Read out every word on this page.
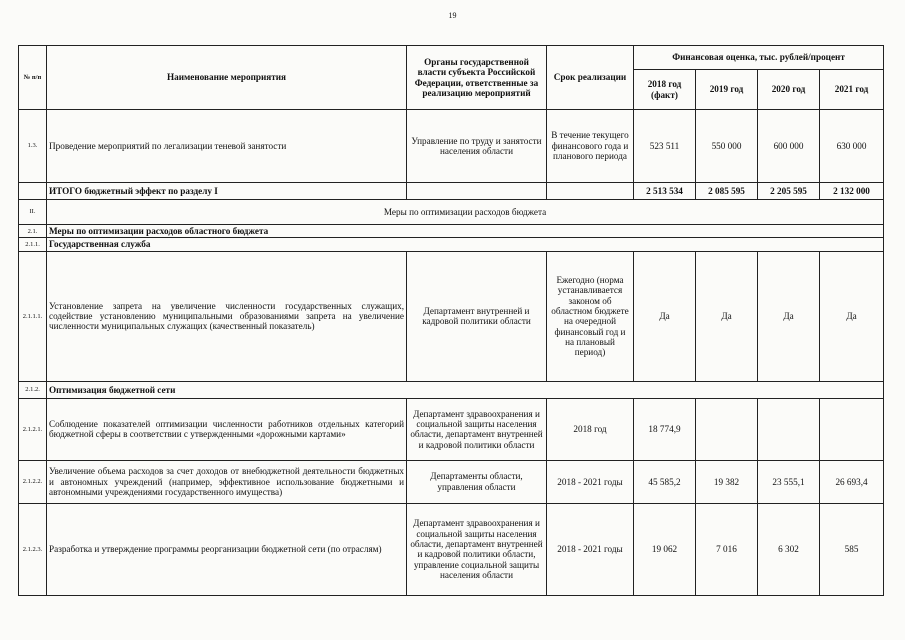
19
№ п/п	Наименование мероприятия	Органы государственной власти субъекта Российской Федерации, ответственные за реализацию мероприятий	Срок реализации	Финансовая оценка, тыс. рублей/процент			
				2018 год (факт)	2019 год	2020 год	2021 год
1.3.	Проведение мероприятий по легализации теневой занятости	Управление по труду и занятости населения области	В течение текущего финансового года и планового периода	523 511	550 000	600 000	630 000
	ИТОГО бюджетный эффект по разделу I			2 513 534	2 085 595	2 205 595	2 132 000
II.	Меры по оптимизации расходов бюджета						
2.1.	Меры по оптимизации расходов областного бюджета						
2.1.1.	Государственная служба						
2.1.1.1.	Установление запрета на увеличение численности государственных служащих, содействие установлению муниципальными образованиями запрета на увеличение численности муниципальных служащих (качественный показатель)	Департамент внутренней и кадровой политики области	Ежегодно (норма устанавливается законом об областном бюджете на очередной финансовый год и на плановый период)	Да	Да	Да	Да
2.1.2.	Оптимизация бюджетной сети						
2.1.2.1.	Соблюдение показателей оптимизации численности работников отдельных категорий бюджетной сферы в соответствии с утвержденными «дорожными картами»	Департамент здравоохранения и социальной защиты населения области, департамент внутренней и кадровой политики области	2018 год	18 774,9			
2.1.2.2.	Увеличение объема расходов за счет доходов от внебюджетной деятельности бюджетных и автономных учреждений (например, эффективное использование бюджетными и автономными учреждениями государственного имущества)	Департаменты области, управления области	2018 - 2021 годы	45 585,2	19 382	23 555,1	26 693,4
2.1.2.3.	Разработка и утверждение программы реорганизации бюджетной сети (по отраслям)	Департамент здравоохранения и социальной защиты населения области, департамент внутренней и кадровой политики области, управление социальной защиты населения области	2018 - 2021 годы	19 062	7 016	6 302	585
